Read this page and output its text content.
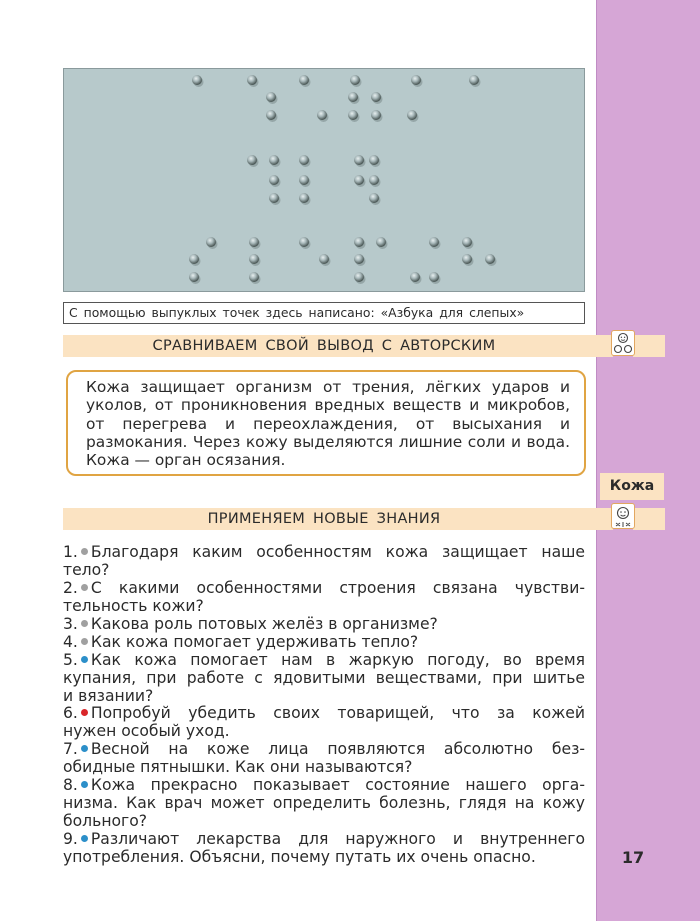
С помощью выпуклых точек здесь написано: «Азбука для слепых»
СРАВНИВАЕМ СВОЙ ВЫВОД С АВТОРСКИМ
Кожа защищает организм от трения, лёгких ударов и уколов, от проникновения вредных веществ и микробов, от перегрева и переохлаждения, от высыхания и размокания. Через кожу выделяются лишние соли и вода. Кожа — орган осязания.
Кожа
ПРИМЕНЯЕМ НОВЫЕ ЗНАНИЯ
1. Благодаря каким особенностям кожа защищает наше
тело?
2. С какими особенностями строения связана чувстви-
тельность кожи?
3. Какова роль потовых желёз в организме?
4. Как кожа помогает удерживать тепло?
5. Как кожа помогает нам в жаркую погоду, во время
купания, при работе с ядовитыми веществами, при шитье
и вязании?
6. Попробуй убедить своих товарищей, что за кожей
нужен особый уход.
7. Весной на коже лица появляются абсолютно без-
обидные пятнышки. Как они называются?
8. Кожа прекрасно показывает состояние нашего орга-
низма. Как врач может определить болезнь, глядя на кожу
больного?
9. Различают лекарства для наружного и внутреннего
употребления. Объясни, почему путать их очень опасно.	17
